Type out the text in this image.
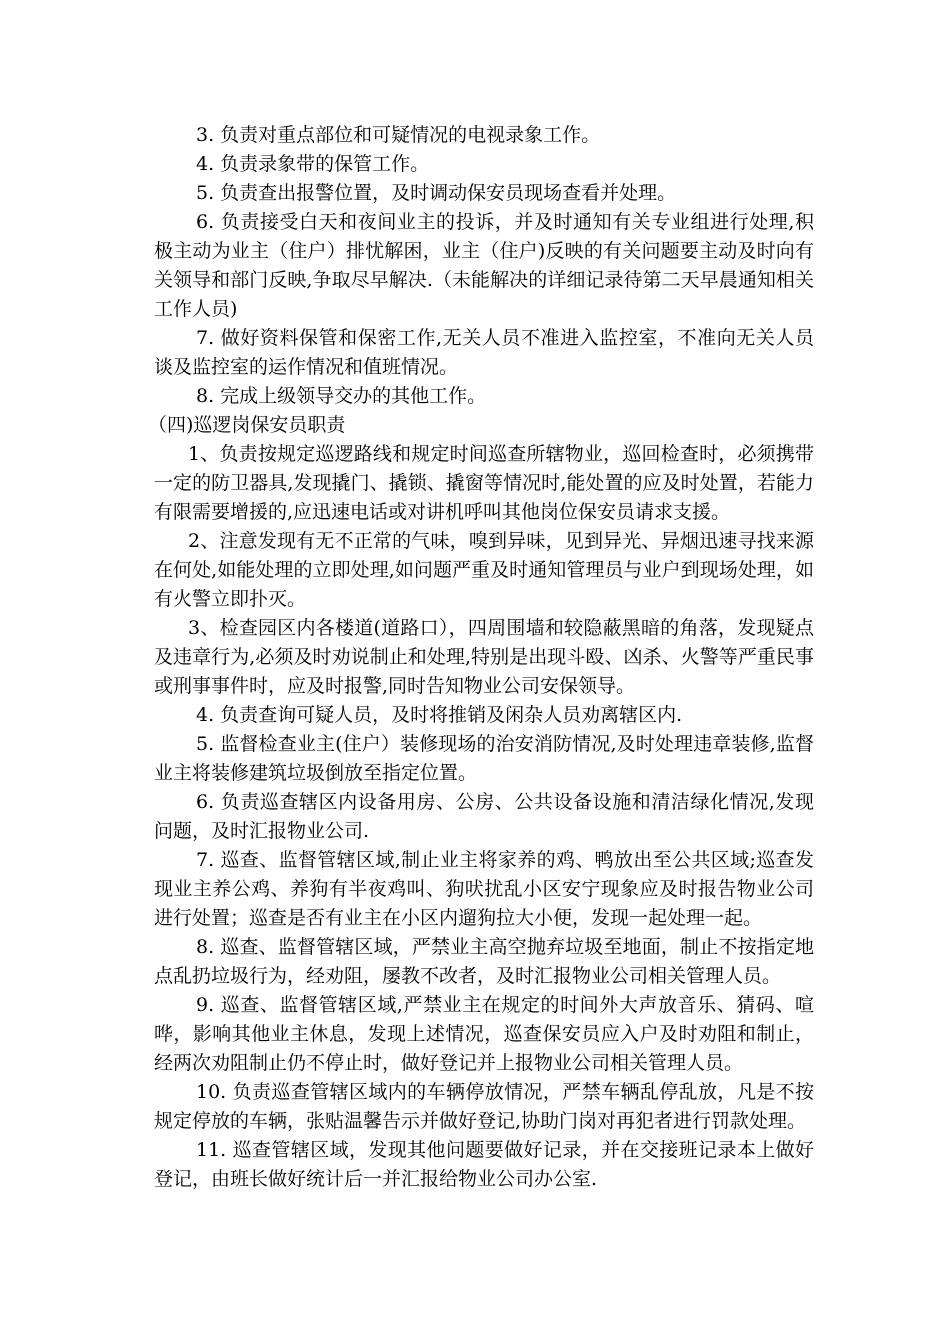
3. 负责对重点部位和可疑情况的电视录象工作。

4. 负责录象带的保管工作。

5. 负责查出报警位置，及时调动保安员现场查看并处理。

6. 负责接受白天和夜间业主的投诉，并及时通知有关专业组进行处理,积极主动为业主（住户）排忧解困，业主（住户)反映的有关问题要主动及时向有关领导和部门反映,争取尽早解决.（未能解决的详细记录待第二天早晨通知相关工作人员)

7. 做好资料保管和保密工作,无关人员不准进入监控室，不准向无关人员谈及监控室的运作情况和值班情况。

8. 完成上级领导交办的其他工作。

（四)巡逻岗保安员职责

1、负责按规定巡逻路线和规定时间巡查所辖物业，巡回检查时，必须携带一定的防卫器具,发现撬门、撬锁、撬窗等情况时,能处置的应及时处置，若能力有限需要增援的,应迅速电话或对讲机呼叫其他岗位保安员请求支援。

2、注意发现有无不正常的气味，嗅到异味，见到异光、异烟迅速寻找来源在何处,如能处理的立即处理,如问题严重及时通知管理员与业户到现场处理，如有火警立即扑灭。

3、检查园区内各楼道(道路口），四周围墙和较隐蔽黑暗的角落，发现疑点及违章行为,必须及时劝说制止和处理,特别是出现斗殴、凶杀、火警等严重民事或刑事事件时，应及时报警,同时告知物业公司安保领导。

4. 负责查询可疑人员，及时将推销及闲杂人员劝离辖区内.

5. 监督检查业主(住户）装修现场的治安消防情况,及时处理违章装修,监督业主将装修建筑垃圾倒放至指定位置。

6. 负责巡查辖区内设备用房、公房、公共设备设施和清洁绿化情况,发现问题，及时汇报物业公司.

7. 巡查、监督管辖区域,制止业主将家养的鸡、鸭放出至公共区域;巡查发现业主养公鸡、养狗有半夜鸡叫、狗吠扰乱小区安宁现象应及时报告物业公司进行处置；巡查是否有业主在小区内遛狗拉大小便，发现一起处理一起。

8. 巡查、监督管辖区域，严禁业主高空抛弃垃圾至地面，制止不按指定地点乱扔垃圾行为，经劝阻，屡教不改者，及时汇报物业公司相关管理人员。

9. 巡查、监督管辖区域,严禁业主在规定的时间外大声放音乐、猜码、喧哗，影响其他业主休息，发现上述情况，巡查保安员应入户及时劝阻和制止，经两次劝阻制止仍不停止时，做好登记并上报物业公司相关管理人员。

10. 负责巡查管辖区域内的车辆停放情况，严禁车辆乱停乱放，凡是不按规定停放的车辆，张贴温馨告示并做好登记,协助门岗对再犯者进行罚款处理。

11. 巡查管辖区域，发现其他问题要做好记录，并在交接班记录本上做好登记，由班长做好统计后一并汇报给物业公司办公室.
